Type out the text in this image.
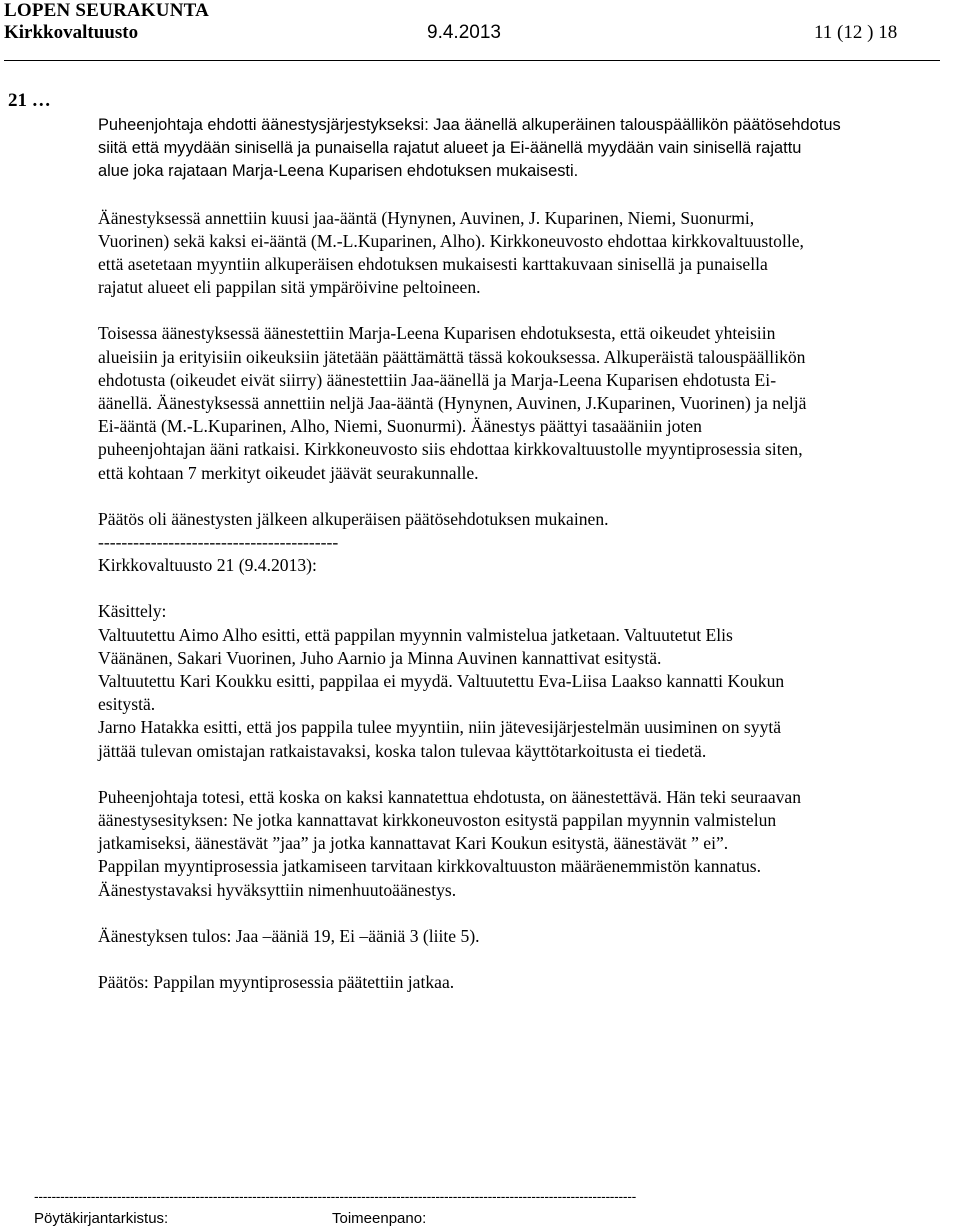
LOPEN SEURAKUNTA
Kirkkovaltuusto	9.4.2013	11 (12 ) 18
21 …

Puheenjohtaja ehdotti äänestysjärjestykseksi: Jaa äänellä alkuperäinen talouspäällikön päätösehdotus
siitä että myydään sinisellä ja punaisella rajatut alueet ja Ei-äänellä myydään vain sinisellä rajattu
alue joka rajataan Marja-Leena Kuparisen ehdotuksen mukaisesti.

Äänestyksessä annettiin kuusi jaa-ääntä (Hynynen, Auvinen, J. Kuparinen, Niemi, Suonurmi,
Vuorinen) sekä kaksi ei-ääntä (M.-L.Kuparinen, Alho). Kirkkoneuvosto ehdottaa kirkkovaltuustolle,
että asetetaan myyntiin alkuperäisen ehdotuksen mukaisesti karttakuvaan sinisellä ja punaisella
rajatut alueet eli pappilan sitä ympäröivine peltoineen.

Toisessa äänestyksessä äänestettiin Marja-Leena Kuparisen ehdotuksesta, että oikeudet yhteisiin
alueisiin ja erityisiin oikeuksiin jätetään päättämättä tässä kokouksessa. Alkuperäistä talouspäällikön
ehdotusta (oikeudet eivät siirry) äänestettiin Jaa-äänellä ja Marja-Leena Kuparisen ehdotusta Ei-
äänellä. Äänestyksessä annettiin neljä Jaa-ääntä (Hynynen, Auvinen, J.Kuparinen, Vuorinen) ja neljä
Ei-ääntä (M.-L.Kuparinen, Alho, Niemi, Suonurmi). Äänestys päättyi tasaääniin joten
puheenjohtajan ääni ratkaisi. Kirkkoneuvosto siis ehdottaa kirkkovaltuustolle myyntiprosessia siten,
että kohtaan 7 merkityt oikeudet jäävät seurakunnalle.

Päätös oli äänestysten jälkeen alkuperäisen päätösehdotuksen mukainen.
-----------------------------------------
Kirkkovaltuusto 21 (9.4.2013):

Käsittely:
Valtuutettu Aimo Alho esitti, että pappilan myynnin valmistelua jatketaan. Valtuutetut Elis
Väänänen, Sakari Vuorinen, Juho Aarnio ja Minna Auvinen kannattivat esitystä.
Valtuutettu Kari Koukku esitti, pappilaa ei myydä. Valtuutettu Eva-Liisa Laakso kannatti Koukun
esitystä.
Jarno Hatakka esitti, että jos pappila tulee myyntiin, niin jätevesijärjestelmän uusiminen on syytä
jättää tulevan omistajan ratkaistavaksi, koska talon tulevaa käyttötarkoitusta ei tiedetä.

Puheenjohtaja totesi, että koska on kaksi kannatettua ehdotusta, on äänestettävä. Hän teki seuraavan
äänestysesityksen: Ne jotka kannattavat kirkkoneuvoston esitystä pappilan myynnin valmistelun
jatkamiseksi, äänestävät ”jaa” ja jotka kannattavat Kari Koukun esitystä, äänestävät ” ei”.
Pappilan myyntiprosessia jatkamiseen tarvitaan kirkkovaltuuston määräenemmistön kannatus.
Äänestystavaksi hyväksyttiin nimenhuutoäänestys.

Äänestyksen tulos: Jaa –ääniä 19, Ei –ääniä 3 (liite 5).

Päätös: Pappilan myyntiprosessia päätettiin jatkaa.

------------------------------------------------------------------------------------------------------------------------------------------
Pöytäkirjantarkistus:	Toimeenpano:
